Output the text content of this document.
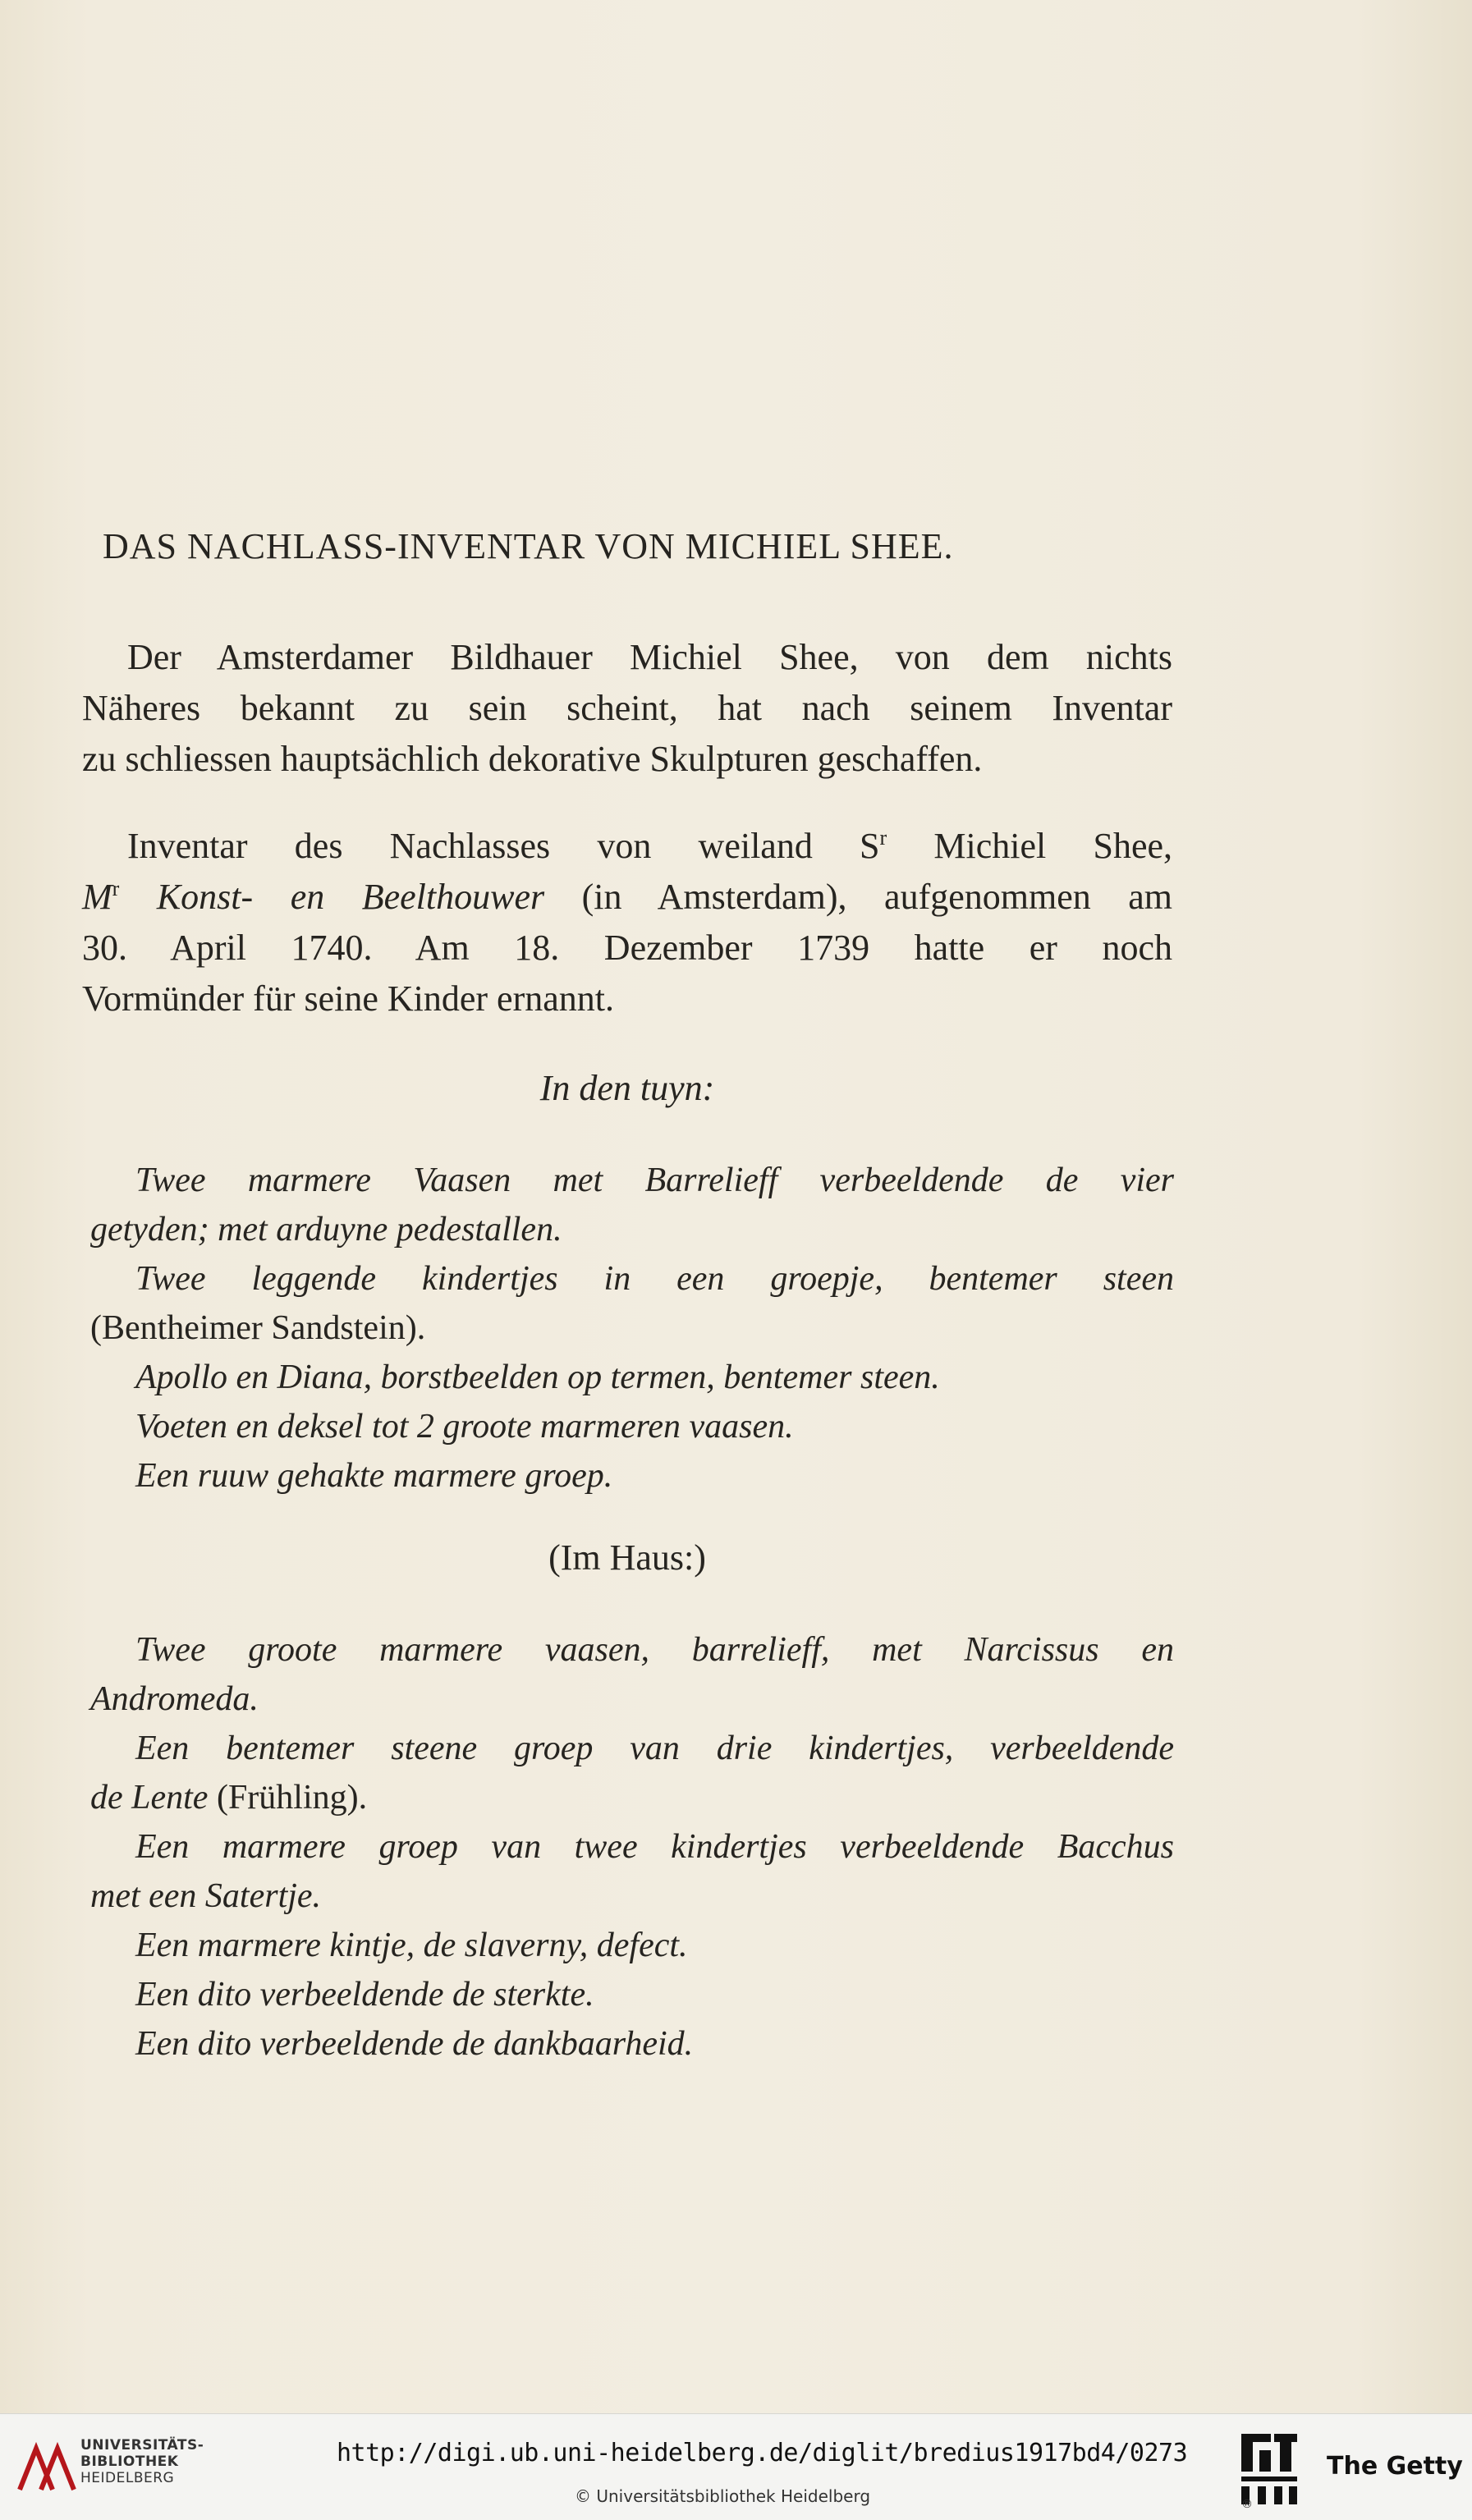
DAS NACHLASS-INVENTAR VON MICHIEL SHEE.
Der Amsterdamer Bildhauer Michiel Shee, von dem nichts
Näheres bekannt zu sein scheint, hat nach seinem Inventar
zu schliessen hauptsächlich dekorative Skulpturen geschaffen.
Inventar des Nachlasses von weiland $S^r$ Michiel Shee,
$M^r$ Konst- en Beelthouwer (in Amsterdam), aufgenommen am
30. April 1740. Am 18. Dezember 1739 hatte er noch
Vormünder für seine Kinder ernannt.
In den tuyn:
Twee marmere Vaasen met Barrelieff verbeeldende de vier
getyden; met arduyne pedestallen.
Twee leggende kindertjes in een groepje, bentemer steen
(Bentheimer Sandstein).
Apollo en Diana, borstbeelden op termen, bentemer steen.
Voeten en deksel tot 2 groote marmeren vaasen.
Een ruuw gehakte marmere groep.
(Im Haus:)
Twee groote marmere vaasen, barrelieff, met Narcissus en
Andromeda.
Een bentemer steene groep van drie kindertjes, verbeeldende
de Lente (Frühling).
Een marmere groep van twee kindertjes verbeeldende Bacchus
met een Satertje.
Een marmere kintje, de slaverny, defect.
Een dito verbeeldende de sterkte.
Een dito verbeeldende de dankbaarheid.
UNIVERSITÄTS-
BIBLIOTHEK
HEIDELBERG
http://digi.ub.uni-heidelberg.de/diglit/bredius1917bd4/0273
© Universitätsbibliothek Heidelberg	®
The Getty
